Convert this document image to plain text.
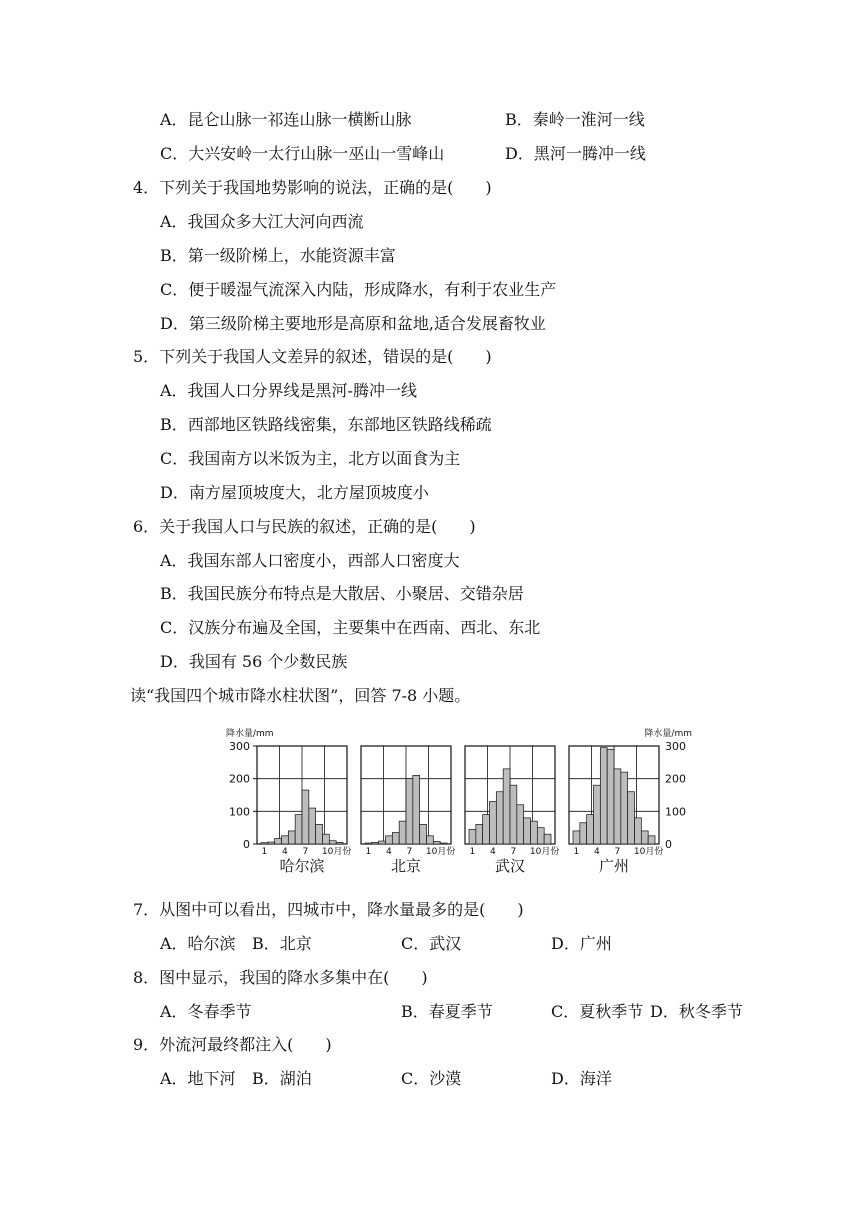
A．昆仑山脉一祁连山脉一横断山脉	B．秦岭一淮河一线
C．大兴安岭一太行山脉一巫山一雪峰山	D．黑河一腾冲一线
4．下列关于我国地势影响的说法，正确的是(　　)
A．我国众多大江大河向西流
B．第一级阶梯上，水能资源丰富
C．便于暖湿气流深入内陆，形成降水，有利于农业生产
D．第三级阶梯主要地形是高原和盆地,适合发展畜牧业
5．下列关于我国人文差异的叙述，错误的是(　　)
A．我国人口分界线是黑河-腾冲一线
B．西部地区铁路线密集，东部地区铁路线稀疏
C．我国南方以米饭为主，北方以面食为主
D．南方屋顶坡度大，北方屋顶坡度小
6．关于我国人口与民族的叙述，正确的是(　　)
A．我国东部人口密度小，西部人口密度大
B．我国民族分布特点是大散居、小聚居、交错杂居
C．汉族分布遍及全国，主要集中在西南、西北、东北
D．我国有 56 个少数民族
读“我国四个城市降水柱状图”，回答 7-8 小题。
1 4 7 10月份
哈尔滨
1 4 7 10月份
北京
1 4 7 10月份
武汉
1 4 7 10月份
广州
0
100
200
300
0
100
200
300
降水量/mm	降水量/mm
7．从图中可以看出，四城市中，降水量最多的是(　　)
A．哈尔滨 B．北京	C．武汉	D．广州
8．图中显示，我国的降水多集中在(　　)
A．冬春季节	B．春夏季节	C．夏秋季节 D．秋冬季节
9．外流河最终都注入(　　)
A．地下河 B．湖泊	C．沙漠	D．海洋
